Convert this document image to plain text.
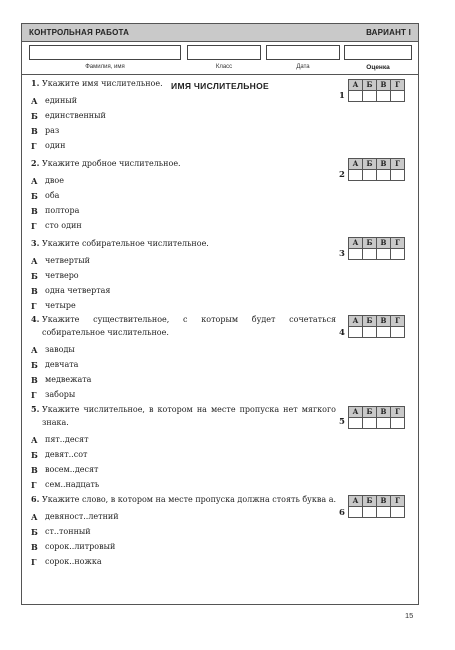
КОНТРОЛЬНАЯ РАБОТА	ВАРИАНТ I
Фамилия, имя	Класс	Дата	Оценка
ИМЯ ЧИСЛИТЕЛЬНОЕ
1. Укажите имя числительное.
А единый
Б единственный
В раз
Г один
1
А	Б	В	Г

2. Укажите дробное числительное.
А двое
Б оба
В полтора
Г сто один
2
А	Б	В	Г

3. Укажите собирательное числительное.
А четвертый
Б четверо
В одна четвертая
Г четыре
3
А	Б	В	Г

4. Укажите существительное, с которым будет сочетаться собирательное числительное.
А заводы
Б девчата
В медвежата
Г заборы
4
А	Б	В	Г

5. Укажите числительное, в котором на месте пропуска нет мягкого знака.
А пят..десят
Б девят..сот
В восем..десят
Г сем..надцать
5
А	Б	В	Г

6. Укажите слово, в котором на месте пропуска должна стоять буква а.
А девяност..летний
Б ст..тонный
В сорок..литровый
Г сорок..ножка
6
А	Б	В	Г

15
